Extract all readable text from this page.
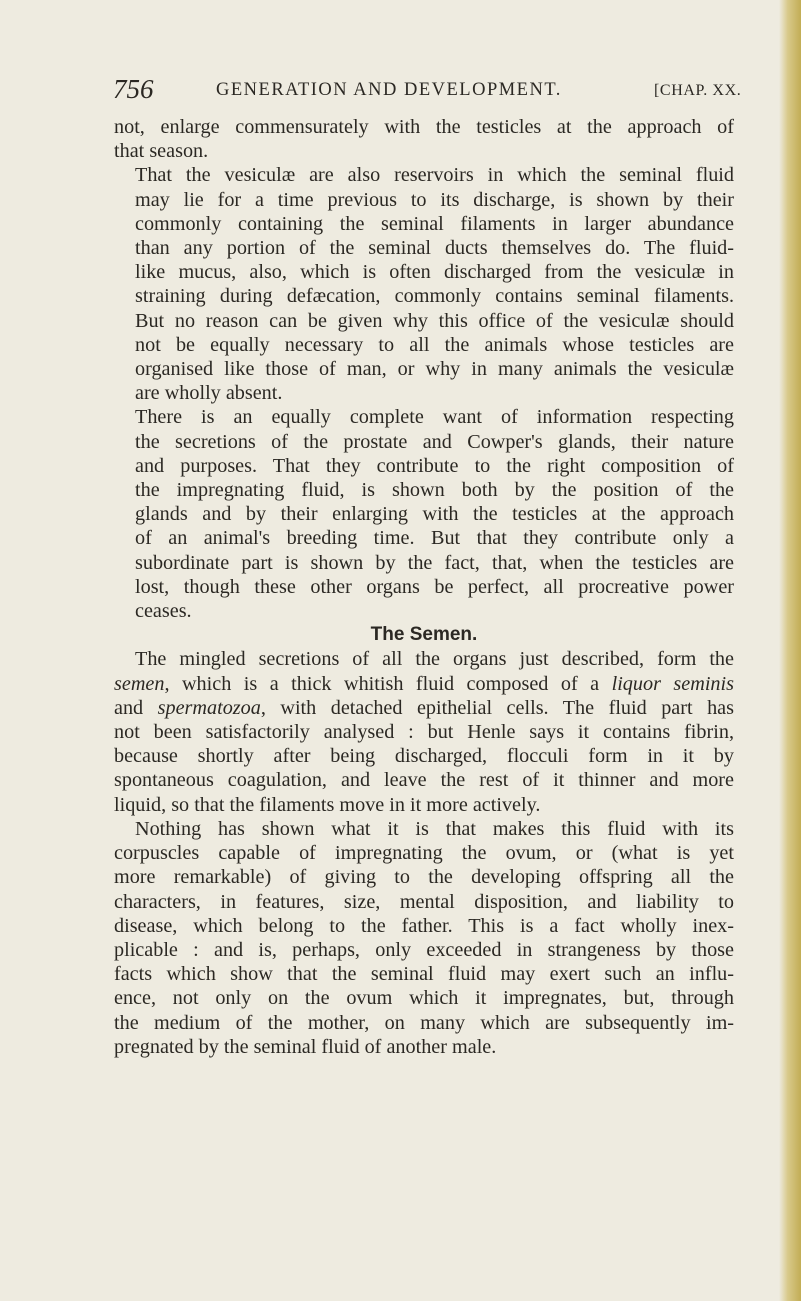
756	GENERATION AND DEVELOPMENT.	[CHAP. XX.

not, enlarge commensurately with the testicles at the approach of
that season.

That the vesiculæ are also reservoirs in which the seminal fluid
may lie for a time previous to its discharge, is shown by their
commonly containing the seminal filaments in larger abundance
than any portion of the seminal ducts themselves do. The fluid-
like mucus, also, which is often discharged from the vesiculæ in
straining during defæcation, commonly contains seminal filaments.
But no reason can be given why this office of the vesiculæ should
not be equally necessary to all the animals whose testicles are
organised like those of man, or why in many animals the vesiculæ
are wholly absent.

There is an equally complete want of information respecting
the secretions of the prostate and Cowper's glands, their nature
and purposes. That they contribute to the right composition of
the impregnating fluid, is shown both by the position of the
glands and by their enlarging with the testicles at the approach
of an animal's breeding time. But that they contribute only a
subordinate part is shown by the fact, that, when the testicles are
lost, though these other organs be perfect, all procreative power
ceases.

The Semen.

The mingled secretions of all the organs just described, form the
semen, which is a thick whitish fluid composed of a liquor seminis
and spermatozoa, with detached epithelial cells. The fluid part has
not been satisfactorily analysed : but Henle says it contains fibrin,
because shortly after being discharged, flocculi form in it by
spontaneous coagulation, and leave the rest of it thinner and more
liquid, so that the filaments move in it more actively.

Nothing has shown what it is that makes this fluid with its
corpuscles capable of impregnating the ovum, or (what is yet
more remarkable) of giving to the developing offspring all the
characters, in features, size, mental disposition, and liability to
disease, which belong to the father. This is a fact wholly inex-
plicable : and is, perhaps, only exceeded in strangeness by those
facts which show that the seminal fluid may exert such an influ-
ence, not only on the ovum which it impregnates, but, through
the medium of the mother, on many which are subsequently im-
pregnated by the seminal fluid of another male.
